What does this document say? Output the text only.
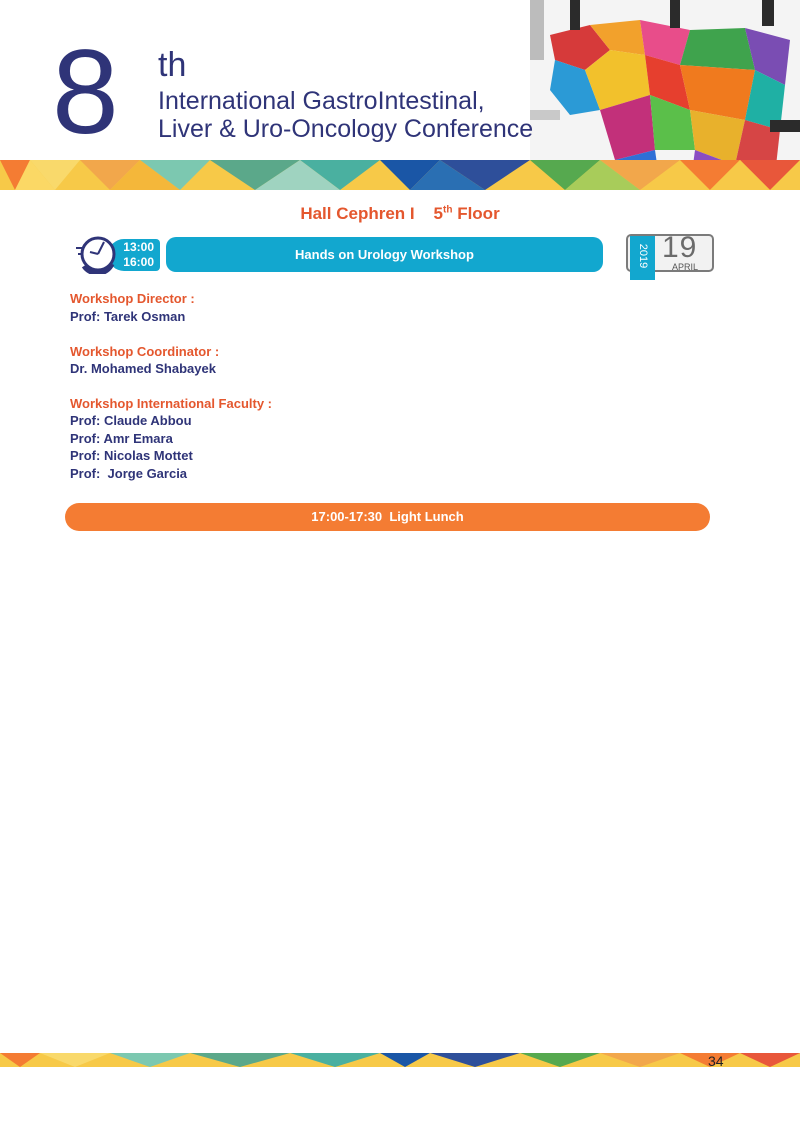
8 th
International GastroIntestinal,
Liver & Uro-Oncology Conference
Hall Cephren I 5th Floor
13:00
16:00	Hands on Urology Workshop	2019 19
APRIL
Workshop Director :
Prof: Tarek Osman
Workshop Coordinator :
Dr. Mohamed Shabayek
Workshop International Faculty :
Prof: Claude Abbou
Prof: Amr Emara
Prof: Nicolas Mottet
Prof:  Jorge Garcia
17:00-17:30  Light Lunch
34
